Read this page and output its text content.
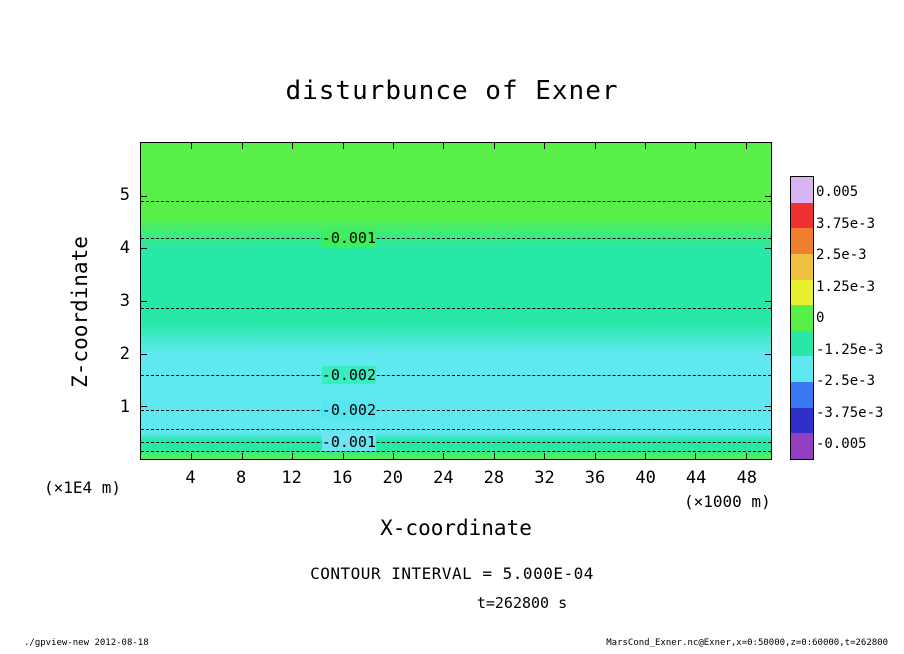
disturbunce of Exner
-0.001
-0.002
-0.002
-0.001
4 8 12 16 20 24 28 32 36 40 44 48
1
2
3
4
5
Z-coordinate
X-coordinate
(×1E4 m)
(×1000 m)
CONTOUR INTERVAL = 5.000E-04
t=262800 s
./gpview-new 2012-08-18	MarsCond_Exner.nc@Exner,x=0:50000,z=0:60000,t=262800
0.005
3.75e-3
2.5e-3
1.25e-3
0
-1.25e-3
-2.5e-3
-3.75e-3
-0.005
